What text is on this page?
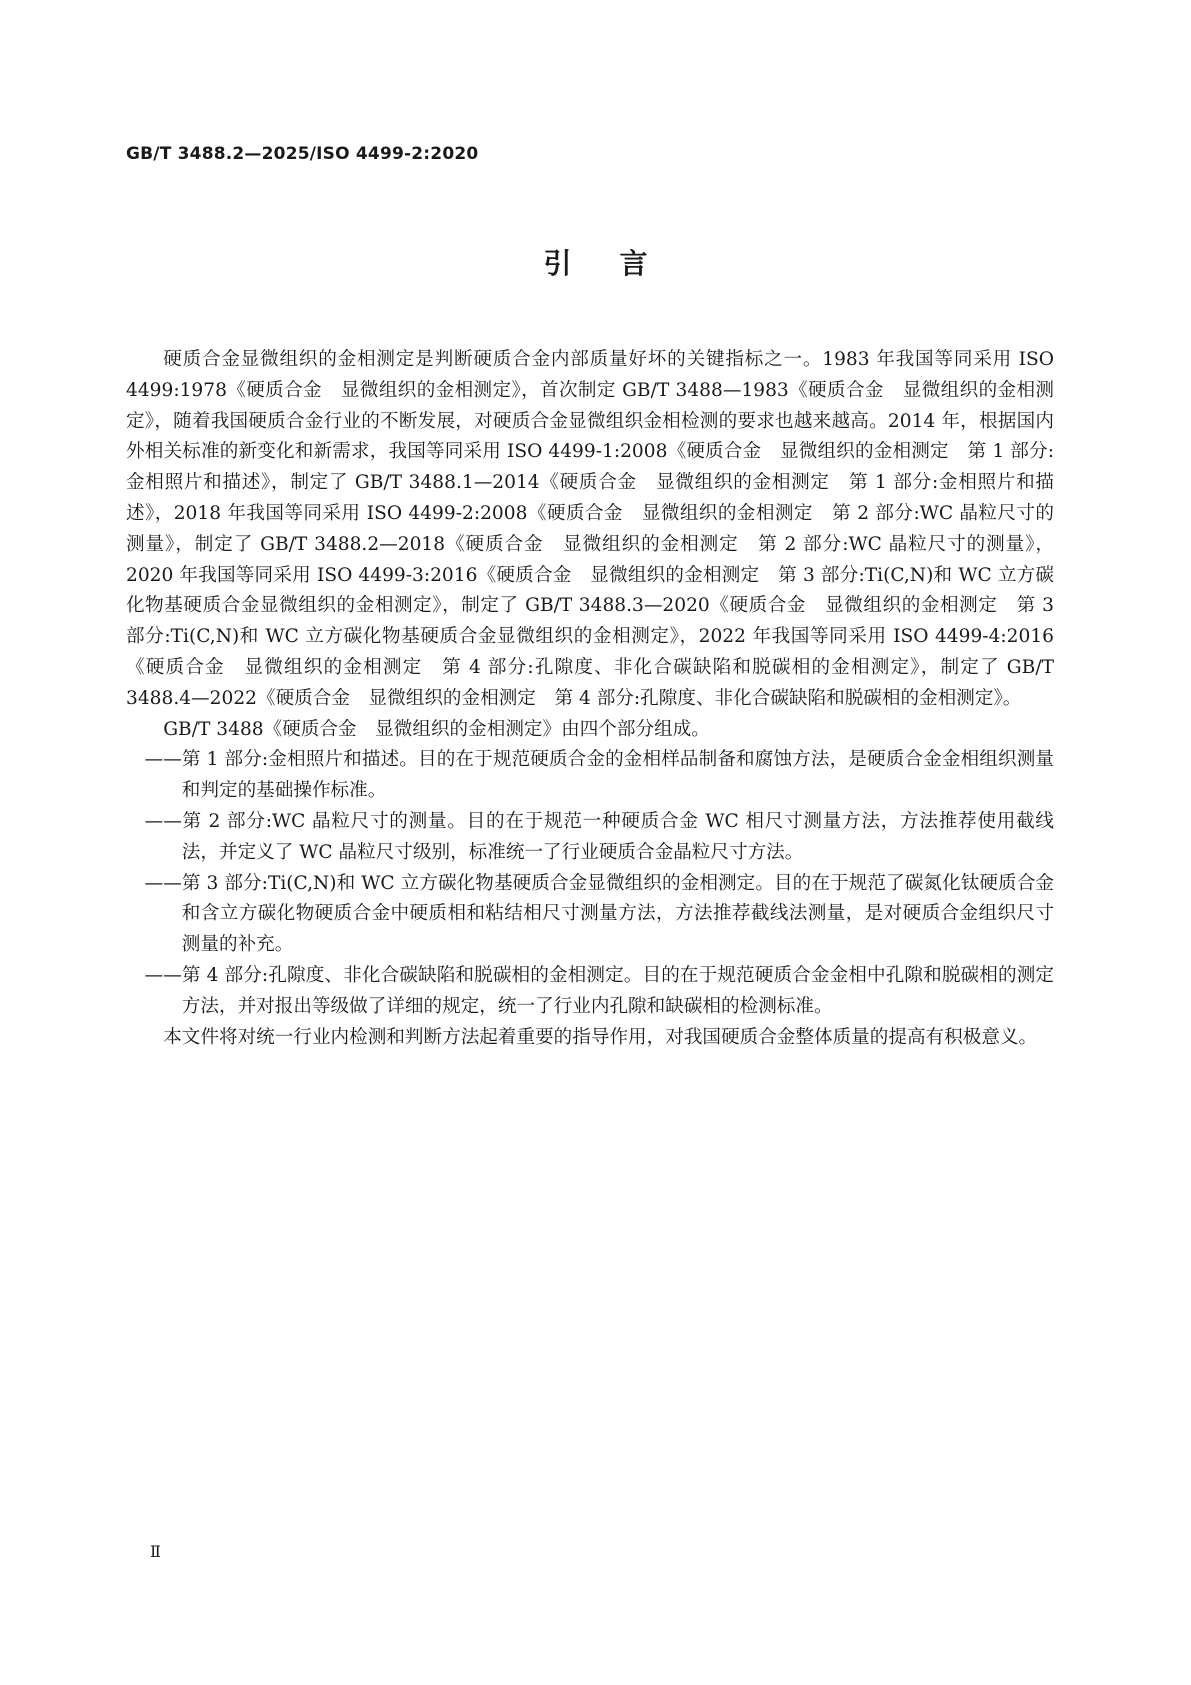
GB/T 3488.2—2025/ISO 4499-2:2020
引言

硬质合金显微组织的金相测定是判断硬质合金内部质量好坏的关键指标之一。1983 年我国等同采用 ISO 4499:1978《硬质合金　显微组织的金相测定》，首次制定 GB/T 3488—1983《硬质合金　显微组织的金相测定》，随着我国硬质合金行业的不断发展，对硬质合金显微组织金相检测的要求也越来越高。2014 年，根据国内外相关标准的新变化和新需求，我国等同采用 ISO 4499-1:2008《硬质合金　显微组织的金相测定　第 1 部分:金相照片和描述》，制定了 GB/T 3488.1—2014《硬质合金　显微组织的金相测定　第 1 部分:金相照片和描述》，2018 年我国等同采用 ISO 4499-2:2008《硬质合金　显微组织的金相测定　第 2 部分:WC 晶粒尺寸的测量》，制定了 GB/T 3488.2—2018《硬质合金　显微组织的金相测定　第 2 部分:WC 晶粒尺寸的测量》，2020 年我国等同采用 ISO 4499-3:2016《硬质合金　显微组织的金相测定　第 3 部分:Ti(C,N)和 WC 立方碳化物基硬质合金显微组织的金相测定》，制定了 GB/T 3488.3—2020《硬质合金　显微组织的金相测定　第 3 部分:Ti(C,N)和 WC 立方碳化物基硬质合金显微组织的金相测定》，2022 年我国等同采用 ISO 4499-4:2016《硬质合金　显微组织的金相测定　第 4 部分:孔隙度、非化合碳缺陷和脱碳相的金相测定》，制定了 GB/T 3488.4—2022《硬质合金　显微组织的金相测定　第 4 部分:孔隙度、非化合碳缺陷和脱碳相的金相测定》。

GB/T 3488《硬质合金　显微组织的金相测定》由四个部分组成。

——第 1 部分:金相照片和描述。目的在于规范硬质合金的金相样品制备和腐蚀方法，是硬质合金金相组织测量和判定的基础操作标准。

——第 2 部分:WC 晶粒尺寸的测量。目的在于规范一种硬质合金 WC 相尺寸测量方法，方法推荐使用截线法，并定义了 WC 晶粒尺寸级别，标准统一了行业硬质合金晶粒尺寸方法。

——第 3 部分:Ti(C,N)和 WC 立方碳化物基硬质合金显微组织的金相测定。目的在于规范了碳氮化钛硬质合金和含立方碳化物硬质合金中硬质相和粘结相尺寸测量方法，方法推荐截线法测量，是对硬质合金组织尺寸测量的补充。

——第 4 部分:孔隙度、非化合碳缺陷和脱碳相的金相测定。目的在于规范硬质合金金相中孔隙和脱碳相的测定方法，并对报出等级做了详细的规定，统一了行业内孔隙和缺碳相的检测标准。

本文件将对统一行业内检测和判断方法起着重要的指导作用，对我国硬质合金整体质量的提高有积极意义。

Ⅱ
